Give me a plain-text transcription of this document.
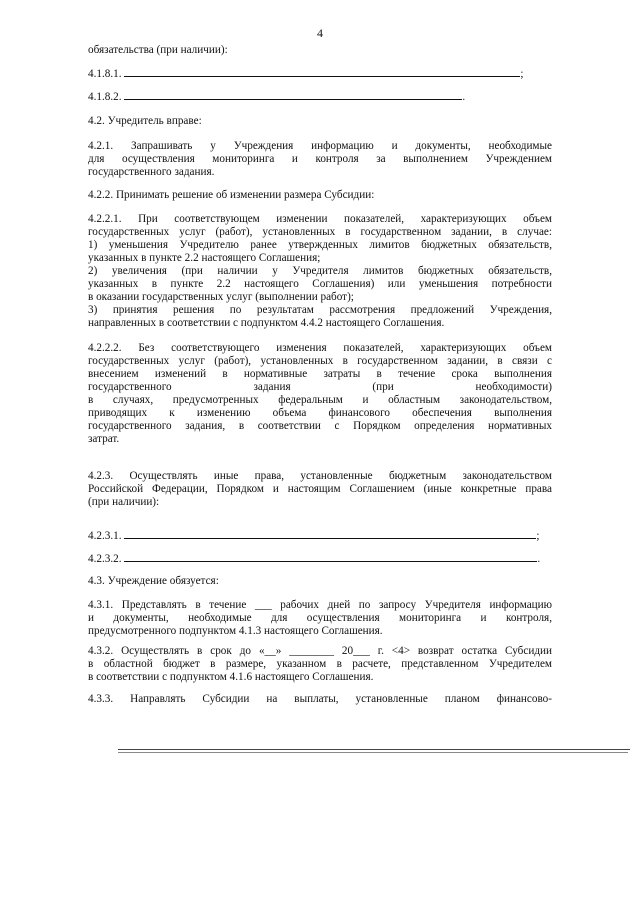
4
обязательства (при наличии):
4.1.8.1.	;
4.1.8.2.	.
4.2. Учредитель вправе:
4.2.1. Запрашивать у Учреждения информацию и документы, необходимые
для осуществления мониторинга и контроля за выполнением Учреждением
государственного задания.
4.2.2. Принимать решение об изменении размера Субсидии:
4.2.2.1. При соответствующем изменении показателей, характеризующих объем
государственных услуг (работ), установленных в государственном задании, в случае:
1) уменьшения Учредителю ранее утвержденных лимитов бюджетных обязательств,
указанных в пункте 2.2 настоящего Соглашения;
2) увеличения (при наличии у Учредителя лимитов бюджетных обязательств,
указанных в пункте 2.2 настоящего Соглашения) или уменьшения потребности
в оказании государственных услуг (выполнении работ);
3) принятия решения по результатам рассмотрения предложений Учреждения,
направленных в соответствии с подпунктом 4.4.2 настоящего Соглашения.
4.2.2.2. Без соответствующего изменения показателей, характеризующих объем
государственных услуг (работ), установленных в государственном задании, в связи с
внесением изменений в нормативные затраты в течение срока выполнения
государственного задания (при необходимости)
в случаях, предусмотренных федеральным и областным законодательством,
приводящих к изменению объема финансового обеспечения выполнения
государственного задания, в соответствии с Порядком определения нормативных
затрат.
4.2.3. Осуществлять иные права, установленные бюджетным законодательством
Российской Федерации, Порядком и настоящим Соглашением (иные конкретные права
(при наличии):
4.2.3.1.	;
4.2.3.2.	.
4.3. Учреждение обязуется:
4.3.1. Представлять в течение ___ рабочих дней по запросу Учредителя информацию
и документы, необходимые для осуществления мониторинга и контроля,
предусмотренного подпунктом 4.1.3 настоящего Соглашения.
4.3.2. Осуществлять в срок до «__» ________ 20___ г. <4> возврат остатка Субсидии
в областной бюджет в размере, указанном в расчете, представленном Учредителем
в соответствии с подпунктом 4.1.6 настоящего Соглашения.
4.3.3. Направлять Субсидии на выплаты, установленные планом финансово-
